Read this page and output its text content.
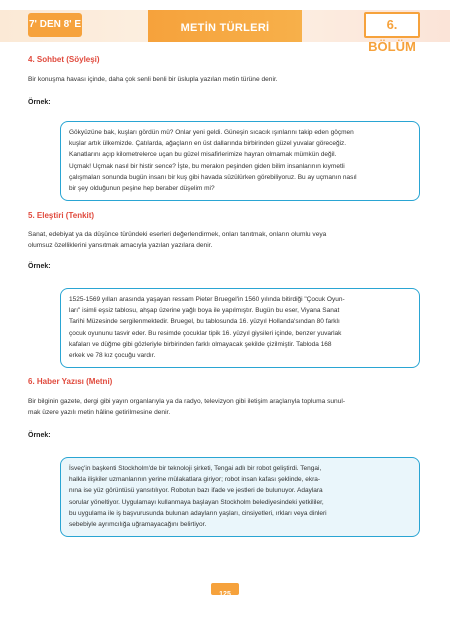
7' DEN 8' E	METİN TÜRLERİ	6. BÖLÜM
4. Sohbet (Söyleşi)
Bir konuşma havası içinde, daha çok senli benli bir üslupla yazılan metin türüne denir.
Örnek:

Gökyüzüne bak, kuşları gördün mü? Onlar yeni geldi. Güneşin sıcacık ışınlarını takip eden göçmen

kuşlar artık ülkemizde. Çatılarda, ağaçların en üst dallarında birbirinden güzel yuvalar göreceğiz.

Kanatlarını açıp kilometrelerce uçan bu güzel misafirlerimize hayran olmamak mümkün değil.

Uçmak! Uçmak nasıl bir histir sence? İşte, bu merakın peşinden giden bilim insanlarının kıymetli

çalışmaları sonunda bugün insanı bir kuş gibi havada süzülürken görebiliyoruz. Bu ay uçmanın nasıl

bir şey olduğunun peşine hep beraber düşelim mi?

5. Eleştiri (Tenkit)
Sanat, edebiyat ya da düşünce türündeki eserleri değerlendirmek, onları tanıtmak, onların olumlu veya
olumsuz özelliklerini yansıtmak amacıyla yazılan yazılara denir.
Örnek:

1525-1569 yılları arasında yaşayan ressam Pieter Bruegel'in 1560 yılında bitirdiği "Çocuk Oyun-

ları" isimli eşsiz tablosu, ahşap üzerine yağlı boya ile yapılmıştır. Bugün bu eser, Viyana Sanat

Tarihi Müzesinde sergilenmektedir. Bruegel, bu tablosunda 16. yüzyıl Hollanda'sından 80 farklı

çocuk oyununu tasvir eder. Bu resimde çocuklar tipik 16. yüzyıl giysileri içinde, benzer yuvarlak

kafaları ve düğme gibi gözleriyle birbirinden farklı olmayacak şekilde çizilmiştir. Tabloda 168

erkek ve 78 kız çocuğu vardır.

6. Haber Yazısı (Metni)
Bir bilginin gazete, dergi gibi yayın organlarıyla ya da radyo, televizyon gibi iletişim araçlarıyla topluma sunul-
mak üzere yazılı metin hâline getirilmesine denir.
Örnek:

İsveç'in başkenti Stockholm'de bir teknoloji şirketi, Tengai adlı bir robot geliştirdi. Tengai,

halkla ilişkiler uzmanlarının yerine mülakatlara giriyor; robot insan kafası şeklinde, ekra-

nına ise yüz görüntüsü yansıtılıyor. Robotun bazı ifade ve jestleri de bulunuyor. Adaylara

sorular yöneltiyor. Uygulamayı kullanmaya başlayan Stockholm belediyesindeki yetkililer,

bu uygulama ile iş başvurusunda bulunan adayların yaşları, cinsiyetleri, ırkları veya dinleri

sebebiyle ayrımcılığa uğramayacağını belirtiyor.

125
